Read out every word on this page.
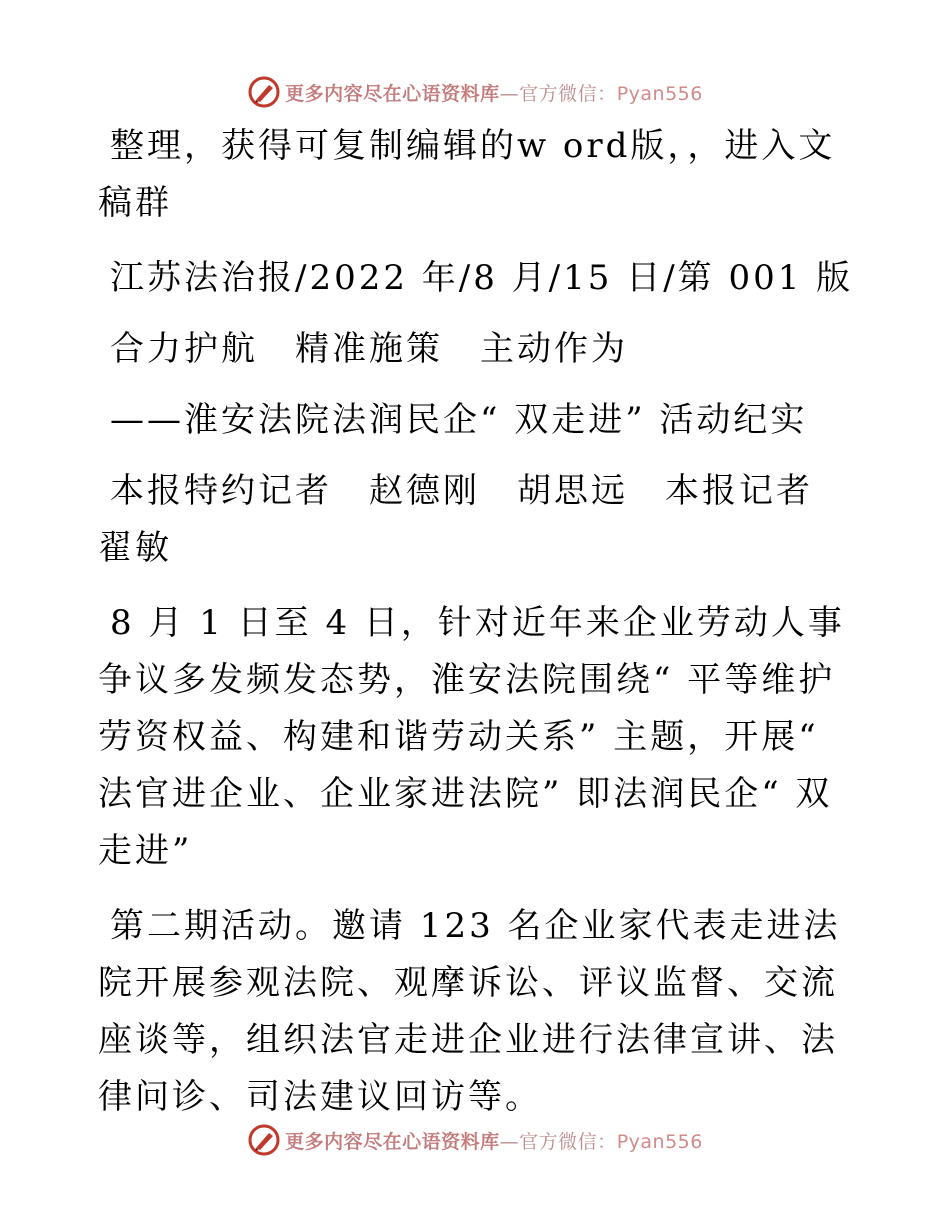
更多内容尽在心语资料库—官方微信：Pyan556

整理，获得可复制编辑的w ord版，，进入文稿群

江苏法治报/2022 年/8 月/15 日/第 001 版

合力护航　精准施策　主动作为

——淮安法院法润民企“ 双走进” 活动纪实

本报特约记者　赵德刚　胡思远　本报记者　翟敏

8 月 1 日至 4 日，针对近年来企业劳动人事争议多发频发态势，淮安法院围绕“ 平等维护劳资权益、构建和谐劳动关系” 主题，开展“ 法官进企业、企业家进法院” 即法润民企“ 双走进”

第二期活动。邀请 123 名企业家代表走进法院开展参观法院、观摩诉讼、评议监督、交流座谈等，组织法官走进企业进行法律宣讲、法律问诊、司法建议回访等。

更多内容尽在心语资料库—官方微信：Pyan556
